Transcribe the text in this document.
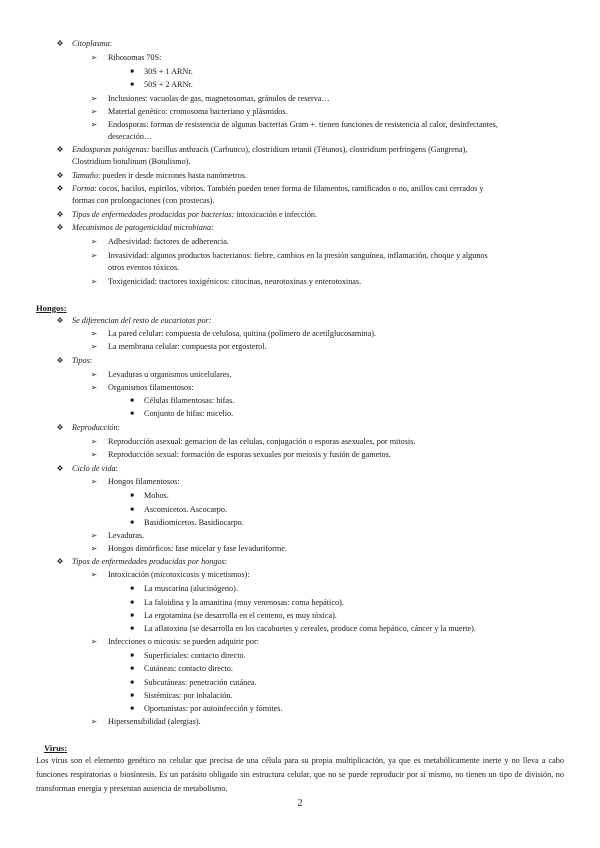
❖ Citoplasma:
➢	Ribosomas 70S:
■	30S + 1 ARNr.
■	50S + 2 ARNr.
➢	Inclusiones: vacuolas de gas, magnetosomas, gránulos de reserva…
➢	Material genético: cromosoma bacteriano y plásmidos.
➢	Endosporas: formas de resistencia de algunas bacterias Gram +. tienen funciones de resistencia al calor, desinfectantes,
desecación…
❖ Endosporas patógenas: bacillus anthracis (Carbunco), clostridium tetanii (Tétanos), clostridium perfringens (Gangrena),
Clostridium botulinum (Botulismo).
❖ Tamaño: pueden ir desde micrones hasta nanómetros.
❖ Forma: cocos, bacilos, espirilos, vibrios. También pueden tener forma de filamentos, ramificados o no, anillos casi cerrados y
formas con prolongaciones (con prostecas).
❖ Tipos de enfermedades producidas por bacterias: intoxicación e infección.
❖ Mecanismos de patogenicidad microbiana:
➢	Adhesividad: factores de adherencia.
➢	Invasividad: algunos productos bacterianos: fiebre, cambios en la presión sanguínea, inflamación, choque y algunos
otros eventos tóxicos.
➢	Toxigenicidad: tractores toxigénicos: citocinas, neurotoxinas y enterotoxinas.
Hongos:
❖ Se diferencian del resto de eucariotas por:
➢	La pared celular: compuesta de celulosa, quitina (polímero de acetilglucosamina).
➢	La membrana celular: compuesta por ergosterol.
❖ Tipos:
➢	Levaduras u organismos unicelulares.
➢	Organismos filamentosos:
■	Células filamentosas: hifas.
■	Conjunto de hifas: micelio.
❖ Reproducción:
➢	Reproducción asexual: gemacion de las celulas, conjugación o esporas asexuales, por mitosis.
➢	Reproducción sexual: formación de esporas sexuales por meiosis y fusión de gametos.
❖ Ciclo de vida:
➢	Hongos filamentosos:
■	Mohos.
■	Ascomicetos. Ascocarpo.
■	Basidiomicetos. Basidiocarpo.
➢	Levaduras.
➢	Hongos dimórficos: fase micelar y fase levaduriforme.
❖ Tipos de enfermedades producidas por hongos:
➢	Intoxicación (micotoxicosis y micetismos):
■	La muscarina (alucinógeno).
■	La faloidina y la amanitina (muy venenosas: coma hepático).
■	La ergotamina (se desarrolla en el centeno, es muy tóxica).
■	La aflatoxina (se desarrolla en los cacahuetes y cereales, produce coma hepático, cáncer y la muerte).
➢	Infecciones o micosis: se pueden adquirir por:
■	Superficiales: contacto directo.
■	Cutáneas: contacto directo.
■	Subcutáneas: penetración cutánea.
■	Sistémicas: por inhalación.
■	Oportunistas: por autoinfección y fómites.
➢	Hipersensibilidad (alergias).
Virus:
Los virus son el elemento genético no celular que precisa de una célula para su propia multiplicación, ya que es metabólicamente inerte y no lleva a cabo funciones respiratorias o biosíntesis. Es un parásito obligado sin estructura celular, que no se puede reproducir por sí mismo, no tienen un tipo de división, no transforman energía y presentan ausencia de metabolismo.
2
